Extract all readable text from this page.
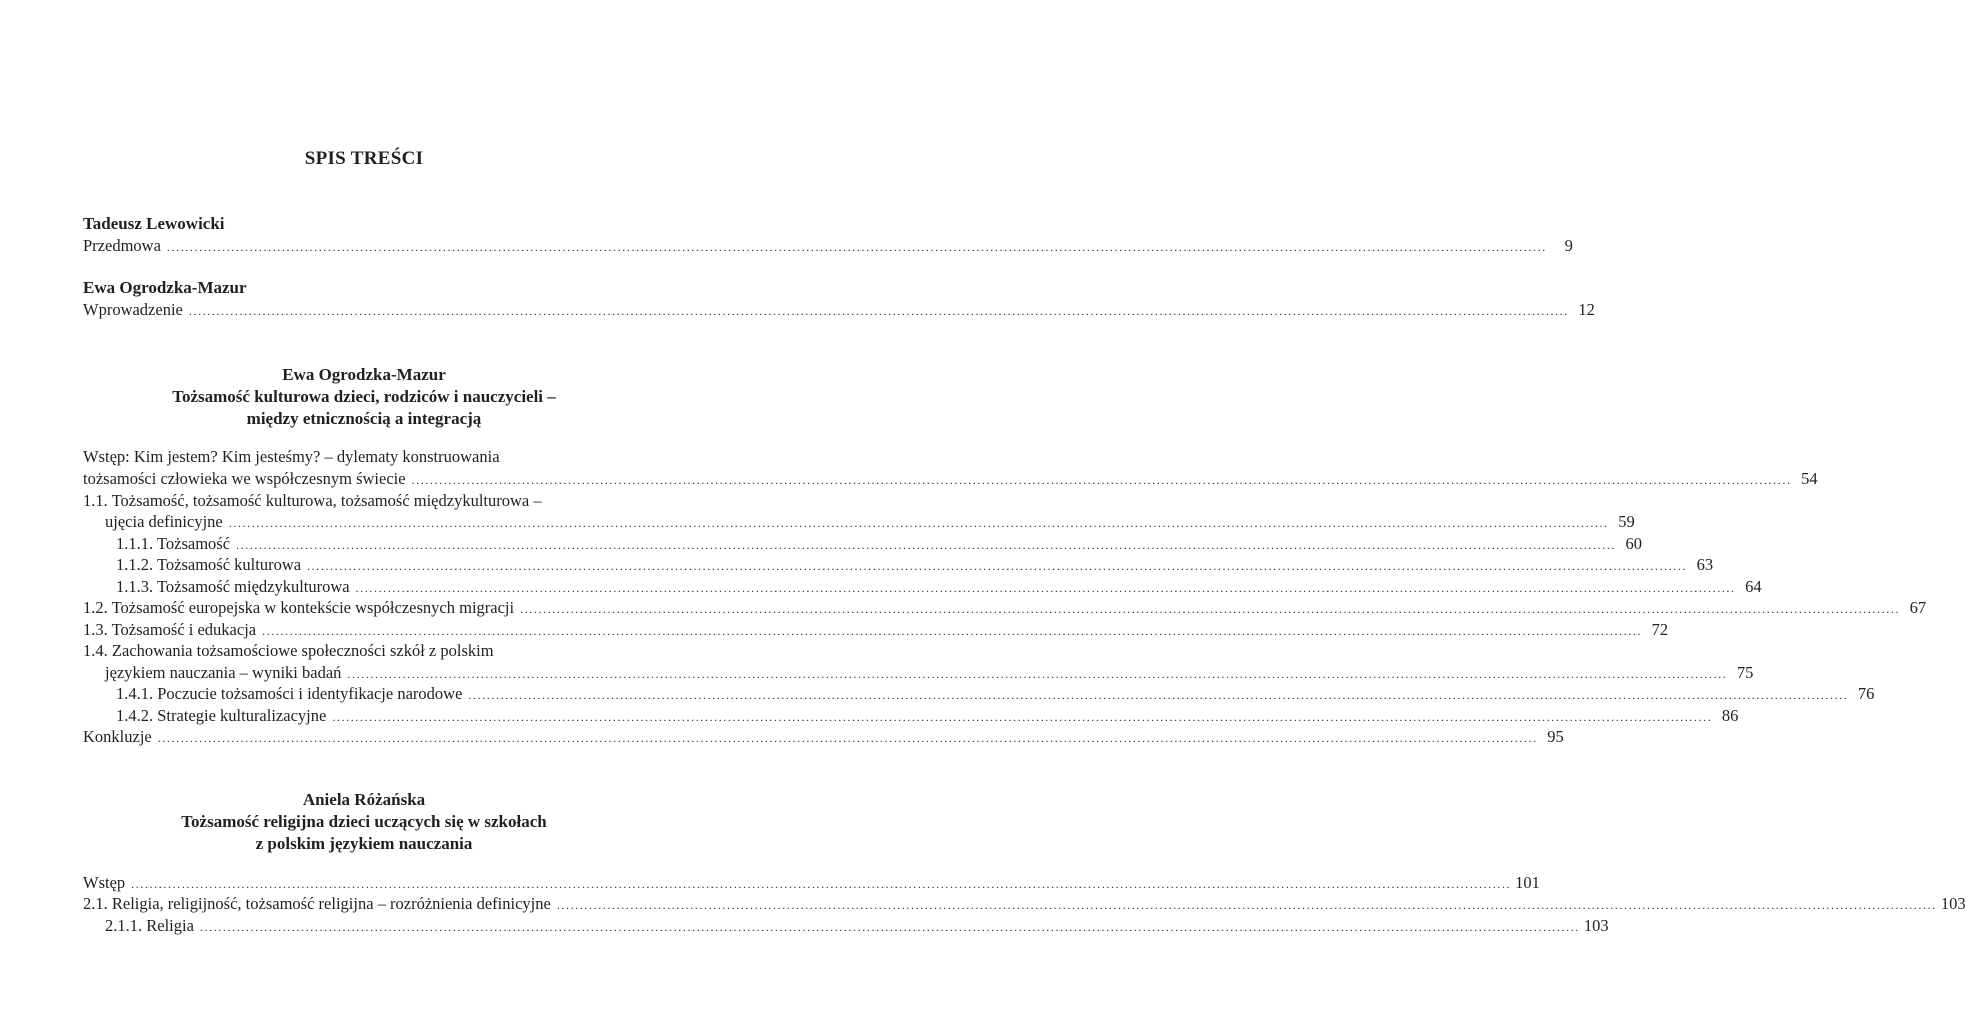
SPIS TREŚCI
Tadeusz Lewowicki
Przedmowa ............................................................................................................................................................................................................................................................................................................	9
Ewa Ogrodzka-Mazur
Wprowadzenie ............................................................................................................................................................................................................................................................................................................ 12
Ewa Ogrodzka-Mazur
Tożsamość kulturowa dzieci, rodziców i nauczycieli –
między etnicznością a integracją
Wstęp: Kim jestem? Kim jesteśmy? – dylematy konstruowania
tożsamości człowieka we współczesnym świecie ............................................................................................................................................................................................................................................................................................................ 54
1.1. Tożsamość, tożsamość kulturowa, tożsamość międzykulturowa –
ujęcia definicyjne ............................................................................................................................................................................................................................................................................................................ 59
1.1.1. Tożsamość ............................................................................................................................................................................................................................................................................................................ 60
1.1.2. Tożsamość kulturowa ............................................................................................................................................................................................................................................................................................................ 63
1.1.3. Tożsamość międzykulturowa ............................................................................................................................................................................................................................................................................................................ 64
1.2. Tożsamość europejska w kontekście współczesnych migracji ............................................................................................................................................................................................................................................................................................................ 67
1.3. Tożsamość i edukacja ............................................................................................................................................................................................................................................................................................................ 72
1.4. Zachowania tożsamościowe społeczności szkół z polskim
językiem nauczania – wyniki badań ............................................................................................................................................................................................................................................................................................................ 75
1.4.1. Poczucie tożsamości i identyfikacje narodowe ............................................................................................................................................................................................................................................................................................................ 76
1.4.2. Strategie kulturalizacyjne ............................................................................................................................................................................................................................................................................................................ 86
Konkluzje ............................................................................................................................................................................................................................................................................................................ 95
Aniela Różańska
Tożsamość religijna dzieci uczących się w szkołach
z polskim językiem nauczania
Wstęp ............................................................................................................................................................................................................................................................................................................ 101
2.1. Religia, religijność, tożsamość religijna – rozróżnienia definicyjne ............................................................................................................................................................................................................................................................................................................ 103
2.1.1. Religia ............................................................................................................................................................................................................................................................................................................ 103
